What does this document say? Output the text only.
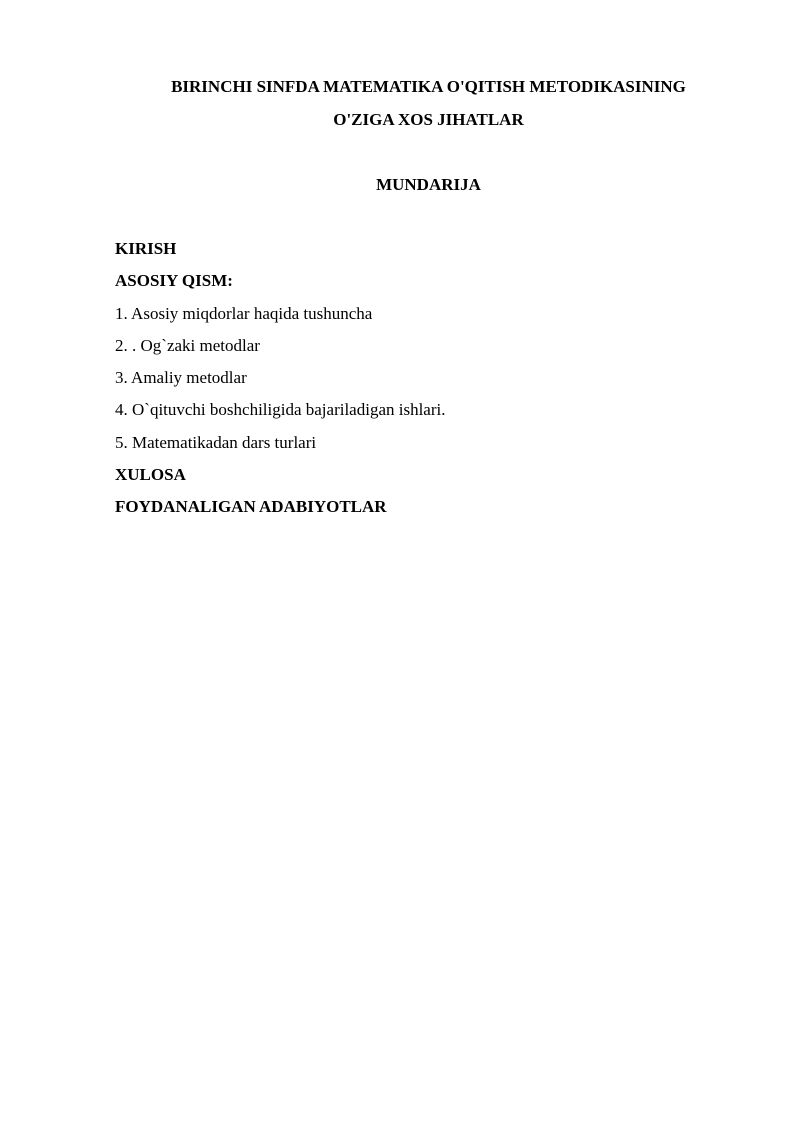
BIRINCHI SINFDA MATEMATIKA O'QITISH METODIKASINING
O'ZIGA XOS JIHATLAR
MUNDARIJA
KIRISH
ASOSIY QISM:
1. Asosiy miqdorlar haqida tushuncha
2. . Og`zaki metodlar
3. Amaliy metodlar
4. O`qituvchi boshchiligida bajariladigan ishlari.
5. Matematikadan dars turlari
XULOSA
FOYDANALIGAN ADABIYOTLAR
